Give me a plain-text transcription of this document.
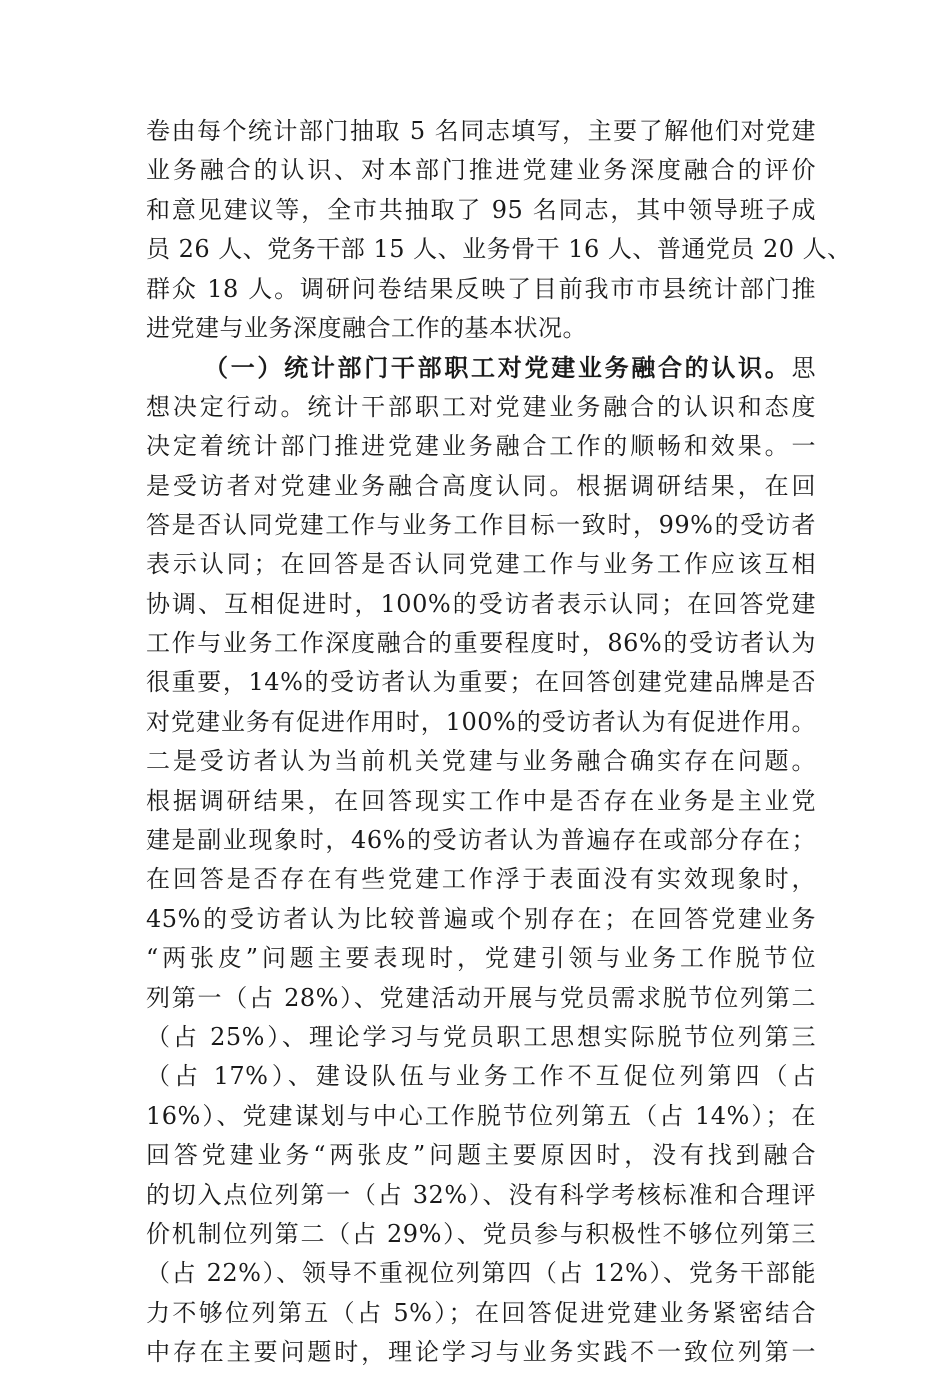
卷由每个统计部门抽取 5 名同志填写，主要了解他们对党建
业务融合的认识、对本部门推进党建业务深度融合的评价
和意见建议等，全市共抽取了 95 名同志，其中领导班子成
员 26 人、党务干部 15 人、业务骨干 16 人、普通党员 20 人、
群众 18 人。调研问卷结果反映了目前我市市县统计部门推
进党建与业务深度融合工作的基本状况。
（一）统计部门干部职工对党建业务融合的认识。思
想决定行动。统计干部职工对党建业务融合的认识和态度
决定着统计部门推进党建业务融合工作的顺畅和效果。一
是受访者对党建业务融合高度认同。根据调研结果，在回
答是否认同党建工作与业务工作目标一致时，99%的受访者
表示认同；在回答是否认同党建工作与业务工作应该互相
协调、互相促进时，100%的受访者表示认同；在回答党建
工作与业务工作深度融合的重要程度时，86%的受访者认为
很重要，14%的受访者认为重要；在回答创建党建品牌是否
对党建业务有促进作用时，100%的受访者认为有促进作用。
二是受访者认为当前机关党建与业务融合确实存在问题。
根据调研结果，在回答现实工作中是否存在业务是主业党
建是副业现象时，46%的受访者认为普遍存在或部分存在；
在回答是否存在有些党建工作浮于表面没有实效现象时，
45%的受访者认为比较普遍或个别存在；在回答党建业务
“两张皮”问题主要表现时，党建引领与业务工作脱节位
列第一（占 28%）、党建活动开展与党员需求脱节位列第二
（占 25%）、理论学习与党员职工思想实际脱节位列第三
（占 17%）、建设队伍与业务工作不互促位列第四（占
16%）、党建谋划与中心工作脱节位列第五（占 14%）；在
回答党建业务“两张皮”问题主要原因时，没有找到融合
的切入点位列第一（占 32%）、没有科学考核标准和合理评
价机制位列第二（占 29%）、党员参与积极性不够位列第三
（占 22%）、领导不重视位列第四（占 12%）、党务干部能
力不够位列第五（占 5%）；在回答促进党建业务紧密结合
中存在主要问题时，理论学习与业务实践不一致位列第一
